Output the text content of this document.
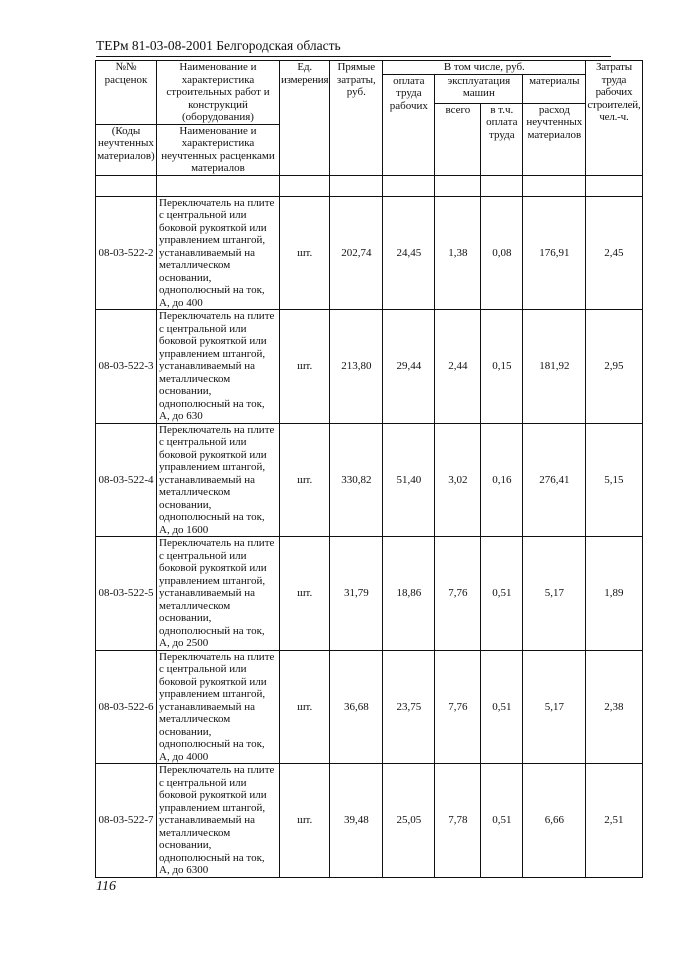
ТЕРм 81-03-08-2001 Белгородская область
№№ расценок	Наименование и характеристика строительных работ и конструкций (оборудования)	Ед. измерения	Прямые затраты, руб.	В том числе, руб.				Затраты труда рабочих строителей, чел.-ч.
				оплата труда рабочих	эксплуатация машин		материалы	
					всего	в т.ч. оплата труда	расход неучтенных материалов	
(Коды неучтенных материалов)	Наименование и характеристика неучтенных расценками материалов							

08-03-522-2	Переключатель на плите с центральной или боковой рукояткой или управлением штангой, устанавливаемый на металлическом основании, однополюсный на ток, А, до 400	шт.	202,74	24,45	1,38	0,08	176,91	2,45
08-03-522-3	Переключатель на плите с центральной или боковой рукояткой или управлением штангой, устанавливаемый на металлическом основании, однополюсный на ток, А, до 630	шт.	213,80	29,44	2,44	0,15	181,92	2,95
08-03-522-4	Переключатель на плите с центральной или боковой рукояткой или управлением штангой, устанавливаемый на металлическом основании, однополюсный на ток, А, до 1600	шт.	330,82	51,40	3,02	0,16	276,41	5,15
08-03-522-5	Переключатель на плите с центральной или боковой рукояткой или управлением штангой, устанавливаемый на металлическом основании, однополюсный на ток, А, до 2500	шт.	31,79	18,86	7,76	0,51	5,17	1,89
08-03-522-6	Переключатель на плите с центральной или боковой рукояткой или управлением штангой, устанавливаемый на металлическом основании, однополюсный на ток, А, до 4000	шт.	36,68	23,75	7,76	0,51	5,17	2,38
08-03-522-7	Переключатель на плите с центральной или боковой рукояткой или управлением штангой, устанавливаемый на металлическом основании, однополюсный на ток, А, до 6300	шт.	39,48	25,05	7,78	0,51	6,66	2,51
116
